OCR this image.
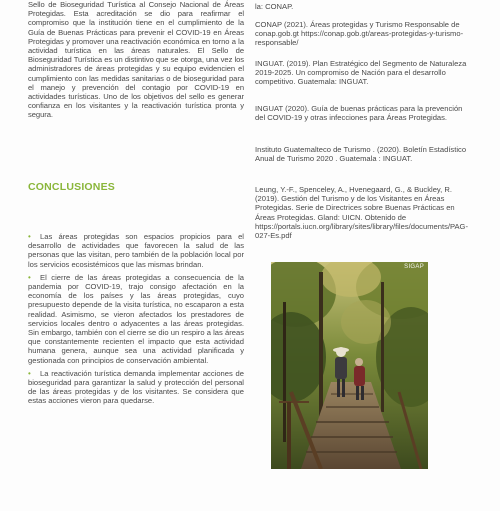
Sello de Bioseguridad Turística al Consejo Nacional de Áreas Protegidas. Esta acreditación se dio para reafirmar el compromiso que la institución tiene en el cumplimiento de la Guía de Buenas Prácticas para prevenir el COVID-19 en Áreas Protegidas y promover una reactivación económica en torno a la actividad turística en las áreas naturales. El Sello de Bioseguridad Turística es un distintivo que se otorga, una vez los administradores de áreas protegidas y su equipo evidencien el cumplimiento con las medidas sanitarias o de bioseguridad para el manejo y prevención del contagio por COVID-19 en actividades turísticas. Uno de los objetivos del sello es generar confianza en los visitantes y la reactivación turística pronta y segura.

CONCLUSIONES

• Las áreas protegidas son espacios propicios para el desarrollo de actividades que favorecen la salud de las personas que las visitan, pero también de la población local por los servicios ecosistémicos que las mismas brindan.

• El cierre de las áreas protegidas a consecuencia de la pandemia por COVID-19, trajo consigo afectación en la economía de los países y las áreas protegidas, cuyo presupuesto depende de la visita turística, no escaparon a esta realidad. Asimismo, se vieron afectados los prestadores de servicios locales dentro o adyacentes a las áreas protegidas. Sin embargo, también con el cierre se dio un respiro a las áreas que constantemente recienten el impacto que esta actividad humana genera, aunque sea una actividad planificada y gestionada con principios de conservación ambiental.

• La reactivación turística demanda implementar acciones de bioseguridad para garantizar la salud y protección del personal de las áreas protegidas y de los visitantes. Se considera que estas acciones vieron para quedarse.

la: CONAP.

CONAP (2021). Áreas protegidas y Turismo Responsable de conap.gob.gt https://conap.gob.gt/areas-protegidas-y-turismo-responsable/

INGUAT. (2019). Plan Estratégico del Segmento de Naturaleza 2019-2025. Un compromiso de Nación para el desarrollo competitivo. Guatemala: INGUAT.

INGUAT (2020). Guía de buenas prácticas para la prevención del COVID-19 y otras infecciones para Áreas Protegidas.

Instituto Guatemalteco de Turismo . (2020). Boletín Estadístico Anual de Turismo 2020 . Guatemala : INGUAT.

Leung, Y.-F., Spenceley, A., Hvenegaard, G., & Buckley, R. (2019). Gestión del Turismo y de los Visitantes en Áreas Protegidas. Serie de Directrices sobre Buenas Prácticas en Áreas Protegidas. Gland: UICN. Obtenido de https://portals.iucn.org/library/sites/library/files/documents/PAG-027-Es.pdf

SIGAP
